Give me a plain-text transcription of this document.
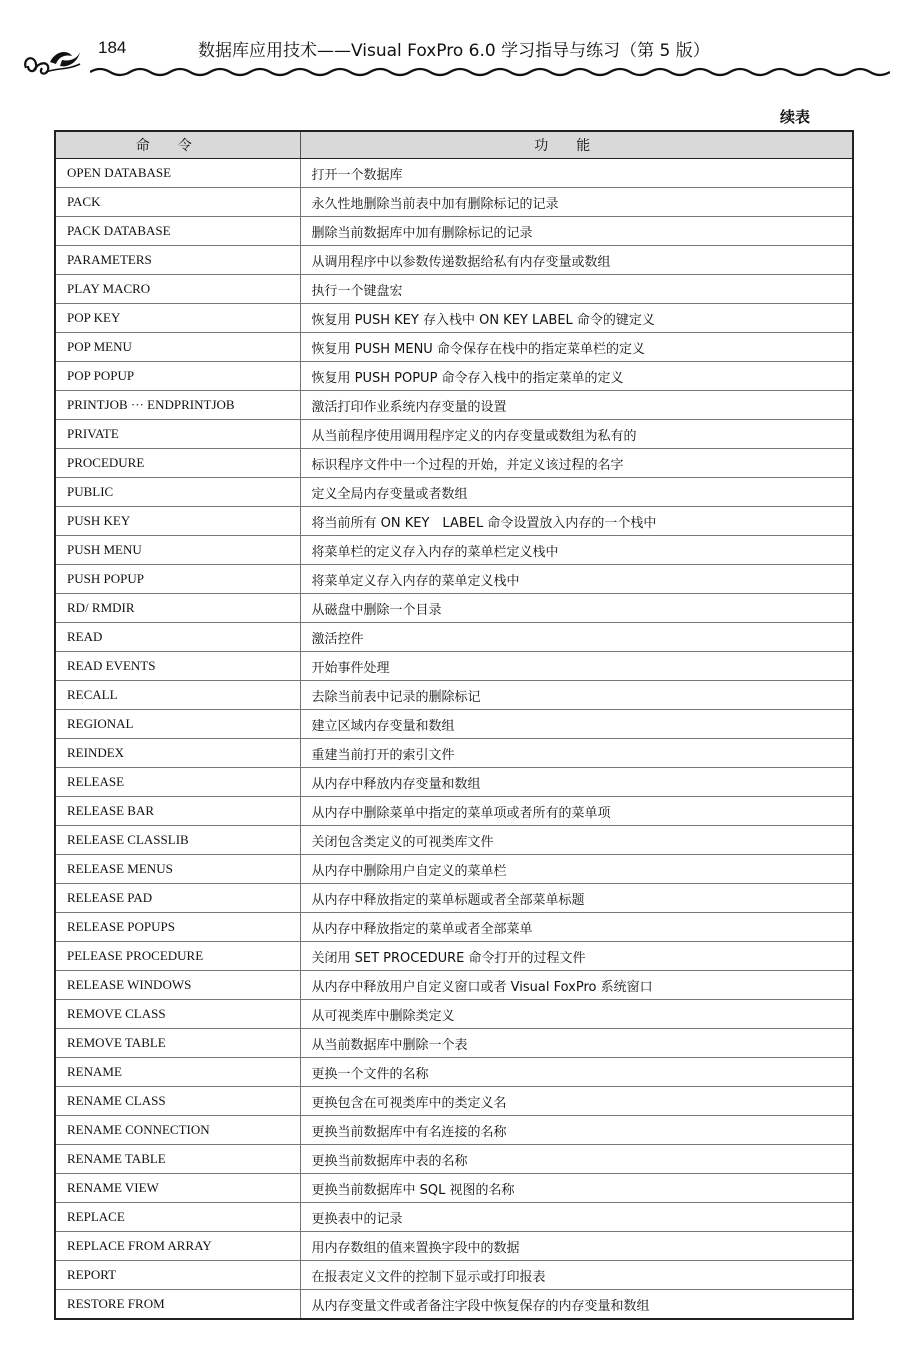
184	数据库应用技术——Visual FoxPro 6.0 学习指导与练习（第 5 版）
续表
命令	功能
OPEN DATABASE	打开一个数据库
PACK	永久性地删除当前表中加有删除标记的记录
PACK DATABASE	删除当前数据库中加有删除标记的记录
PARAMETERS	从调用程序中以参数传递数据给私有内存变量或数组
PLAY MACRO	执行一个键盘宏
POP KEY	恢复用 PUSH KEY 存入栈中 ON KEY LABEL 命令的键定义
POP MENU	恢复用 PUSH MENU 命令保存在栈中的指定菜单栏的定义
POP POPUP	恢复用 PUSH POPUP 命令存入栈中的指定菜单的定义
PRINTJOB ··· ENDPRINTJOB	激活打印作业系统内存变量的设置
PRIVATE	从当前程序使用调用程序定义的内存变量或数组为私有的
PROCEDURE	标识程序文件中一个过程的开始，并定义该过程的名字
PUBLIC	定义全局内存变量或者数组
PUSH KEY	将当前所有 ON KEY　LABEL 命令设置放入内存的一个栈中
PUSH MENU	将菜单栏的定义存入内存的菜单栏定义栈中
PUSH POPUP	将菜单定义存入内存的菜单定义栈中
RD/ RMDIR	从磁盘中删除一个目录
READ	激活控件
READ EVENTS	开始事件处理
RECALL	去除当前表中记录的删除标记
REGIONAL	建立区域内存变量和数组
REINDEX	重建当前打开的索引文件
RELEASE	从内存中释放内存变量和数组
RELEASE BAR	从内存中删除菜单中指定的菜单项或者所有的菜单项
RELEASE CLASSLIB	关闭包含类定义的可视类库文件
RELEASE MENUS	从内存中删除用户自定义的菜单栏
RELEASE PAD	从内存中释放指定的菜单标题或者全部菜单标题
RELEASE POPUPS	从内存中释放指定的菜单或者全部菜单
PELEASE PROCEDURE	关闭用 SET PROCEDURE 命令打开的过程文件
RELEASE WINDOWS	从内存中释放用户自定义窗口或者 Visual FoxPro 系统窗口
REMOVE CLASS	从可视类库中删除类定义
REMOVE TABLE	从当前数据库中删除一个表
RENAME	更换一个文件的名称
RENAME CLASS	更换包含在可视类库中的类定义名
RENAME CONNECTION	更换当前数据库中有名连接的名称
RENAME TABLE	更换当前数据库中表的名称
RENAME VIEW	更换当前数据库中 SQL 视图的名称
REPLACE	更换表中的记录
REPLACE FROM ARRAY	用内存数组的值来置换字段中的数据
REPORT	在报表定义文件的控制下显示或打印报表
RESTORE FROM	从内存变量文件或者备注字段中恢复保存的内存变量和数组
